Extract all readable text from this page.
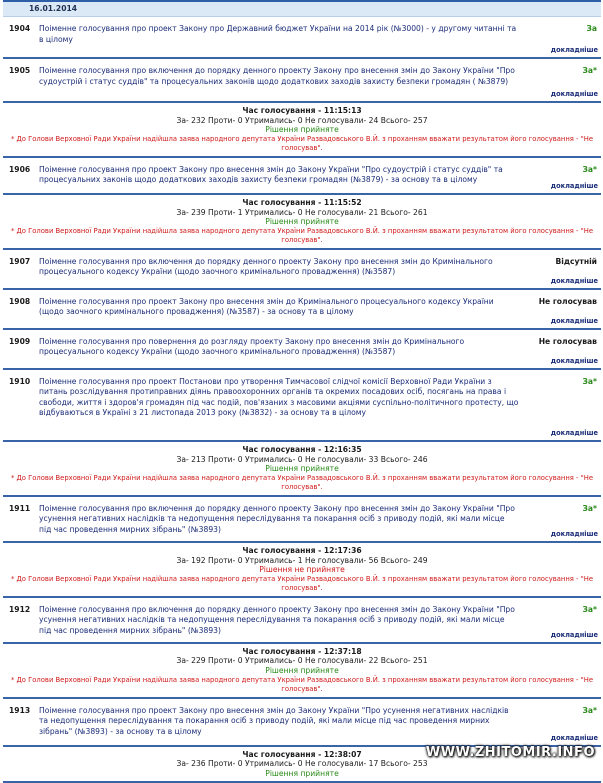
16.01.2014
1904 Поіменне голосування про проект Закону про Державний бюджет України на 2014 рік (№3000) - у другому читанні та в цілому
За
докладніше
1905 Поіменне голосування про включення до порядку денного проекту Закону про внесення змін до Закону України "Про судоустрій і статус суддів" та процесуальних законів щодо додаткових заходів захисту безпеки громадян ( №3879)
За*
докладніше
Час голосування - 11:15:13
За- 232 Проти- 0 Утримались- 0 Не голосували- 24 Всього- 257
Рішення прийняте
* До Голови Верховної Ради України надійшла заява народного депутата України Развадовського В.Й. з проханням вважати результатом його голосування - "Не голосував".
1906 Поіменне голосування про проект Закону про внесення змін до Закону України "Про судоустрій і статус суддів" та процесуальних законів щодо додаткових заходів захисту безпеки громадян (№3879) - за основу та в цілому
За*
докладніше
Час голосування - 11:15:52
За- 239 Проти- 1 Утримались- 0 Не голосували- 21 Всього- 261
Рішення прийняте
* До Голови Верховної Ради України надійшла заява народного депутата України Развадовського В.Й. з проханням вважати результатом його голосування - "Не голосував".
1907 Поіменне голосування про включення до порядку денного проекту Закону про внесення змін до Кримінального процесуального кодексу України (щодо заочного кримінального провадження) (№3587)
Відсутній
докладніше
1908 Поіменне голосування про проект Закону про внесення змін до Кримінального процесуального кодексу України (щодо заочного кримінального провадження) (№3587) - за основу та в цілому
Не голосував
докладніше
1909 Поіменне голосування про повернення до розгляду проекту Закону про внесення змін до Кримінального процесуального кодексу України (щодо заочного кримінального провадження) (№3587)
Не голосував
докладніше
1910 Поіменне голосування про проект Постанови про утворення Тимчасової слідчої комісії Верховної Ради України з питань розслідування протиправних діянь правоохоронних органів та окремих посадових осіб, посягань на права і свободи, життя і здоров'я громадян під час подій, пов'язаних з масовими акціями суспільно-політичного протесту, що відбуваються в Україні з 21 листопада 2013 року (№3832) - за основу та в цілому
За*
докладніше
Час голосування - 12:16:35
За- 213 Проти- 0 Утримались- 0 Не голосували- 33 Всього- 246
Рішення прийняте
* До Голови Верховної Ради України надійшла заява народного депутата України Развадовського В.Й. з проханням вважати результатом його голосування - "Не голосував".
1911 Поіменне голосування про включення до порядку денного проекту Закону про внесення змін до Закону України "Про усунення негативних наслідків та недопущення переслідування та покарання осіб з приводу подій, які мали місце під час проведення мирних зібрань" (№3893)
За*
докладніше
Час голосування - 12:17:36
За- 192 Проти- 0 Утримались- 1 Не голосували- 56 Всього- 249
Рішення не прийняте
* До Голови Верховної Ради України надійшла заява народного депутата України Развадовського В.Й. з проханням вважати результатом його голосування - "Не голосував".
1912 Поіменне голосування про включення до порядку денного проекту Закону про внесення змін до Закону України "Про усунення негативних наслідків та недопущення переслідування та покарання осіб з приводу подій, які мали місце під час проведення мирних зібрань" (№3893)
За*
докладніше
Час голосування - 12:37:18
За- 229 Проти- 0 Утримались- 0 Не голосували- 22 Всього- 251
Рішення прийняте
* До Голови Верховної Ради України надійшла заява народного депутата України Развадовського В.Й. з проханням вважати результатом його голосування - "Не голосував".
1913 Поіменне голосування про проект Закону про внесення змін до Закону України "Про усунення негативних наслідків та недопущення переслідування та покарання осіб з приводу подій, які мали місце під час проведення мирних зібрань" (№3893) - за основу та в цілому
За*
докладніше
Час голосування - 12:38:07
За- 236 Проти- 0 Утримались- 0 Не голосували- 17 Всього- 253
Рішення прийняте
WWW.ZHITOMIR.INFO
